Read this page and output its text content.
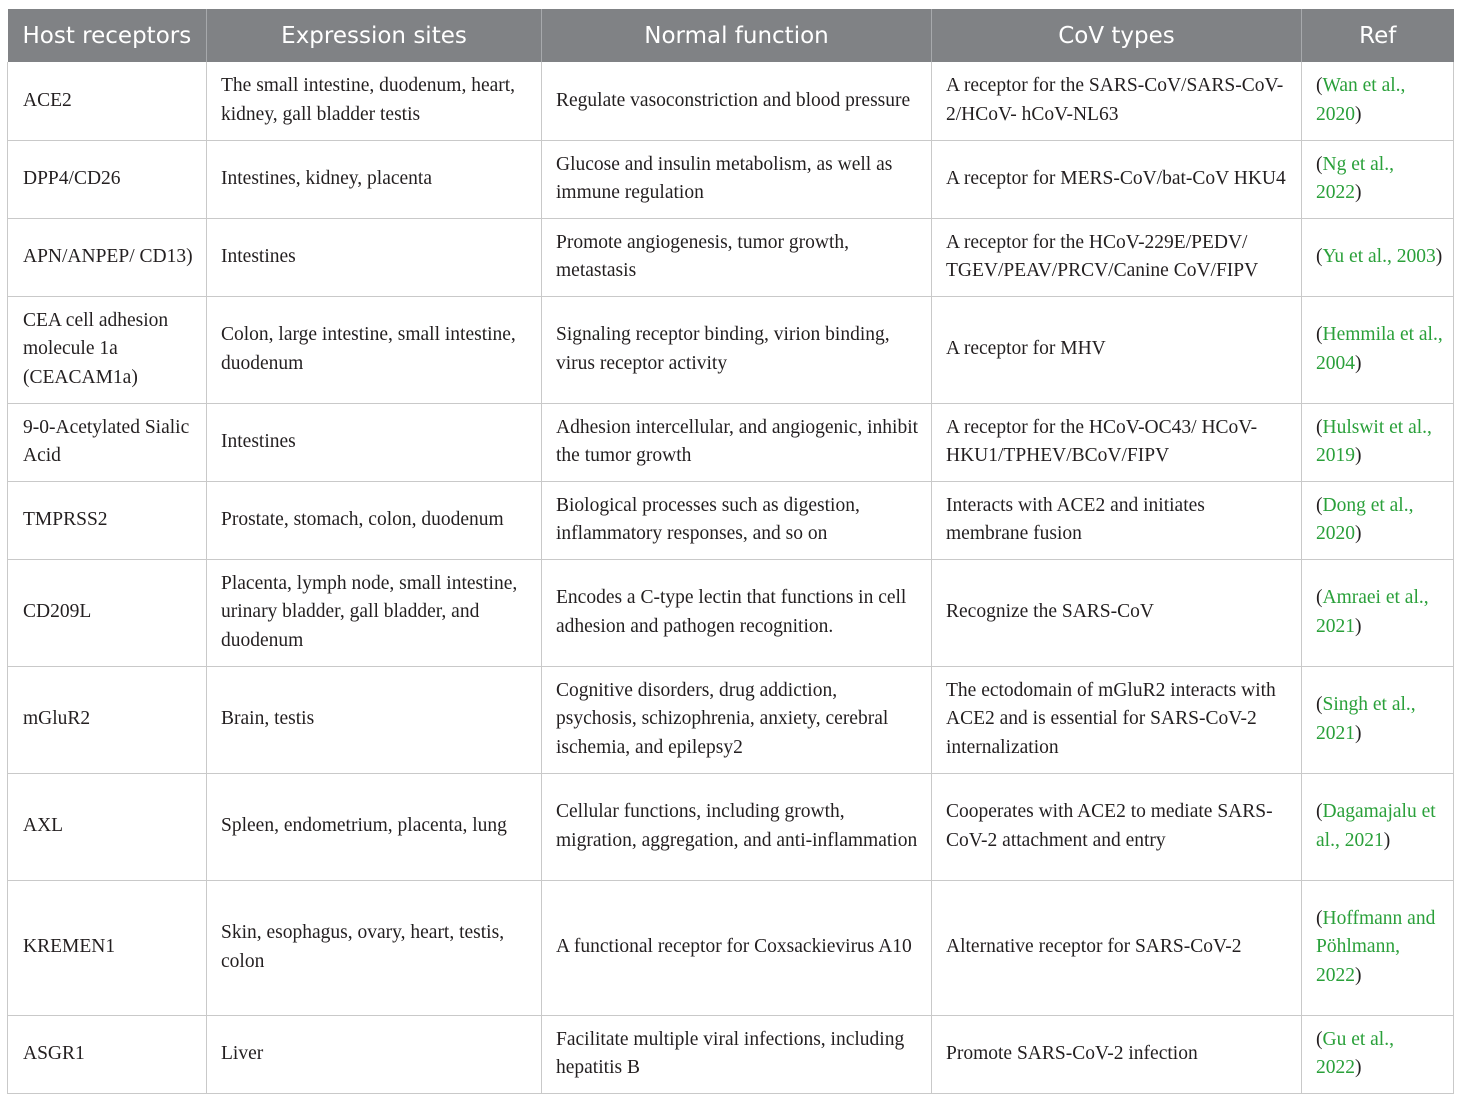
Host receptors	Expression sites	Normal function	CoV types	Ref
ACE2	The small intestine, duodenum, heart, kidney, gall bladder testis	Regulate vasoconstriction and blood pressure	A receptor for the SARS-CoV/SARS-CoV-2/HCoV- hCoV-NL63	(Wan et al., 2020)
DPP4/CD26	Intestines, kidney, placenta	Glucose and insulin metabolism, as well as immune regulation	A receptor for MERS-CoV/bat-CoV HKU4	(Ng et al., 2022)
APN/ANPEP/ CD13)	Intestines	Promote angiogenesis, tumor growth, metastasis	A receptor for the HCoV-229E/PEDV/ TGEV/PEAV/PRCV/Canine CoV/FIPV	(Yu et al., 2003)
CEA cell adhesion molecule 1a (CEACAM1a)	Colon, large intestine, small intestine, duodenum	Signaling receptor binding, virion binding, virus receptor activity	A receptor for MHV	(Hemmila et al., 2004)
9-0-Acetylated Sialic Acid	Intestines	Adhesion intercellular, and angiogenic, inhibit the tumor growth	A receptor for the HCoV-OC43/ HCoV-HKU1/TPHEV/BCoV/FIPV	(Hulswit et al., 2019)
TMPRSS2	Prostate, stomach, colon, duodenum	Biological processes such as digestion, inflammatory responses, and so on	Interacts with ACE2 and initiates membrane fusion	(Dong et al., 2020)
CD209L	Placenta, lymph node, small intestine, urinary bladder, gall bladder, and duodenum	Encodes a C-type lectin that functions in cell adhesion and pathogen recognition.	Recognize the SARS-CoV	(Amraei et al., 2021)
mGluR2	Brain, testis	Cognitive disorders, drug addiction, psychosis, schizophrenia, anxiety, cerebral ischemia, and epilepsy2	The ectodomain of mGluR2 interacts with ACE2 and is essential for SARS-CoV-2 internalization	(Singh et al., 2021)
AXL	Spleen, endometrium, placenta, lung	Cellular functions, including growth, migration, aggregation, and anti-inflammation	Cooperates with ACE2 to mediate SARS-CoV-2 attachment and entry	(Dagamajalu et al., 2021)
KREMEN1	Skin, esophagus, ovary, heart, testis, colon	A functional receptor for Coxsackievirus A10	Alternative receptor for SARS-CoV-2	(Hoffmann and Pöhlmann, 2022)
ASGR1	Liver	Facilitate multiple viral infections, including hepatitis B	Promote SARS-CoV-2 infection	(Gu et al., 2022)
